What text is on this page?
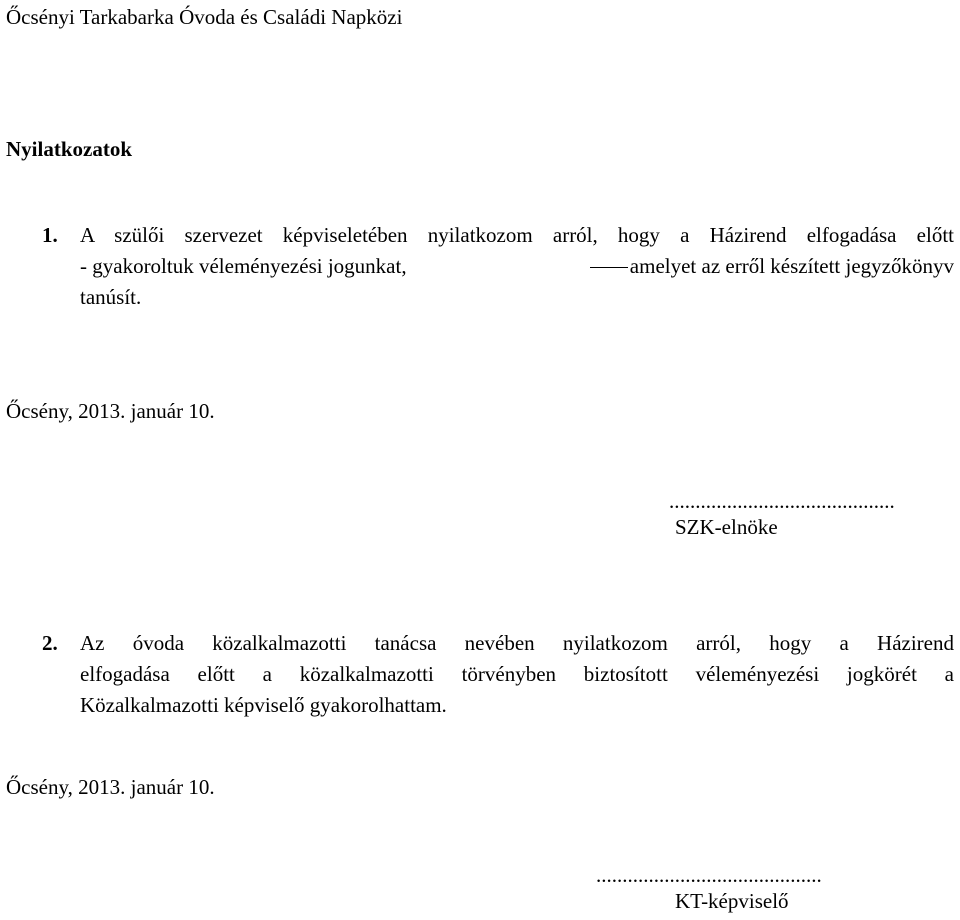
Őcsényi Tarkabarka Óvoda és Családi Napközi

Nyilatkozatok

1. A szülői szervezet képviseletében nyilatkozom arról, hogy a Házirend elfogadása előtt
- gyakoroltuk véleményezési jogunkat,	amelyet az erről készített jegyzőkönyv
tanúsít.

Őcsény, 2013. január 10.

...........................................

SZK-elnöke

2. Az óvoda közalkalmazotti tanácsa nevében nyilatkozom arról, hogy a Házirend
elfogadása előtt a közalkalmazotti törvényben biztosított véleményezési jogkörét a
Közalkalmazotti képviselő gyakorolhattam.

Őcsény, 2013. január 10.

...........................................

KT-képviselő
